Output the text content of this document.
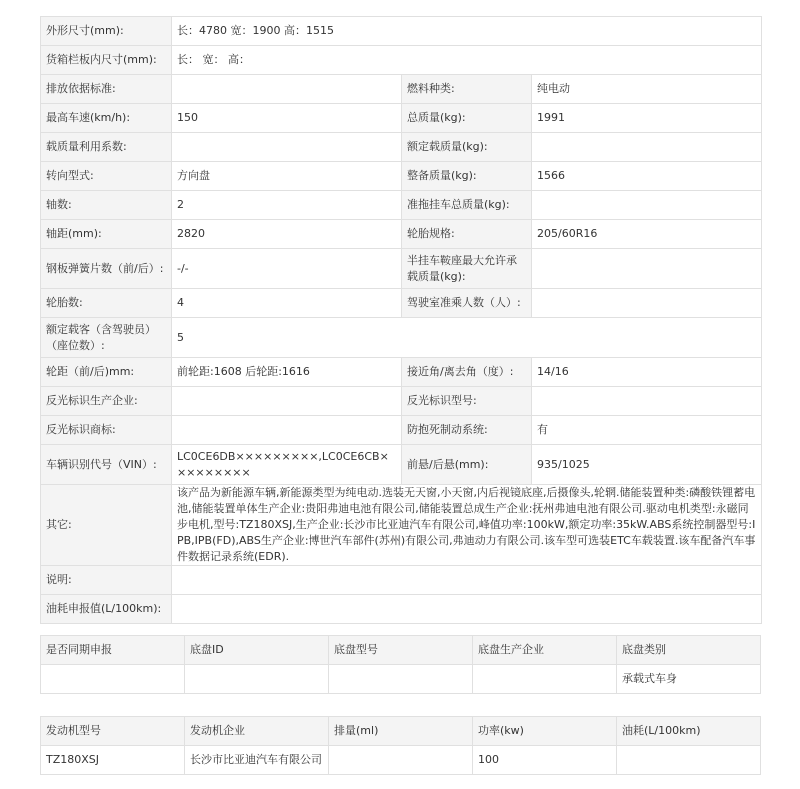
外形尺寸(mm):	长：4780 宽：1900 高：1515		
货箱栏板内尺寸(mm):	长： 宽： 高：		
排放依据标准:		燃料种类:	纯电动
最高车速(km/h):	150	总质量(kg):	1991
载质量利用系数:		额定载质量(kg):	
转向型式:	方向盘	整备质量(kg):	1566
轴数:	2	准拖挂车总质量(kg):	
轴距(mm):	2820	轮胎规格:	205/60R16
钢板弹簧片数（前/后）:	-/-	半挂车鞍座最大允许承载质量(kg):	
轮胎数:	4	驾驶室准乘人数（人）:	
额定载客（含驾驶员）（座位数）:	5		
轮距（前/后)mm:	前轮距:1608 后轮距:1616	接近角/离去角（度）:	14/16
反光标识生产企业:		反光标识型号:	
反光标识商标:		防抱死制动系统:	有
车辆识别代号（VIN）:	LC0CE6DB×××××××××,LC0CE6CB×××××××××	前悬/后悬(mm):	935/1025
其它:	该产品为新能源车辆,新能源类型为纯电动.选装无天窗,小天窗,内后视镜底座,后摄像头,轮辋.储能装置种类:磷酸铁锂蓄电池,储能装置单体生产企业:贵阳弗迪电池有限公司,储能装置总成生产企业:抚州弗迪电池有限公司.驱动电机类型:永磁同步电机,型号:TZ180XSJ,生产企业:长沙市比亚迪汽车有限公司,峰值功率:100kW,额定功率:35kW.ABS系统控制器型号:IPB,IPB(FD),ABS生产企业:博世汽车部件(苏州)有限公司,弗迪动力有限公司.该车型可选装ETC车载装置.该车配备汽车事件数据记录系统(EDR).		
说明:			
油耗申报值(L/100km):			
是否同期申报	底盘ID	底盘型号	底盘生产企业	底盘类别
				承载式车身
发动机型号	发动机企业	排量(ml)	功率(kw)	油耗(L/100km)
TZ180XSJ	长沙市比亚迪汽车有限公司		100	
